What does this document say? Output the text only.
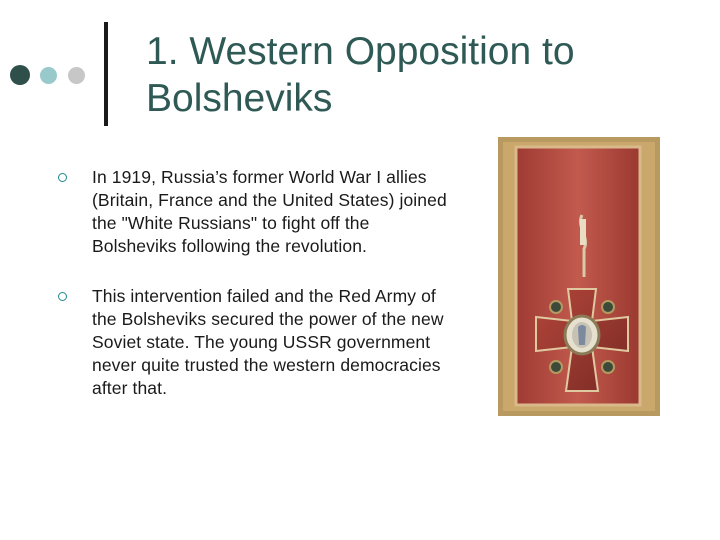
1. Western Opposition to Bolsheviks

In 1919, Russia’s former World War I allies (Britain, France and the United States) joined the "White Russians" to fight off the Bolsheviks following the revolution.

This intervention failed and the Red Army of the Bolsheviks secured the power of the new Soviet state. The young USSR government never quite trusted the western democracies after that.
